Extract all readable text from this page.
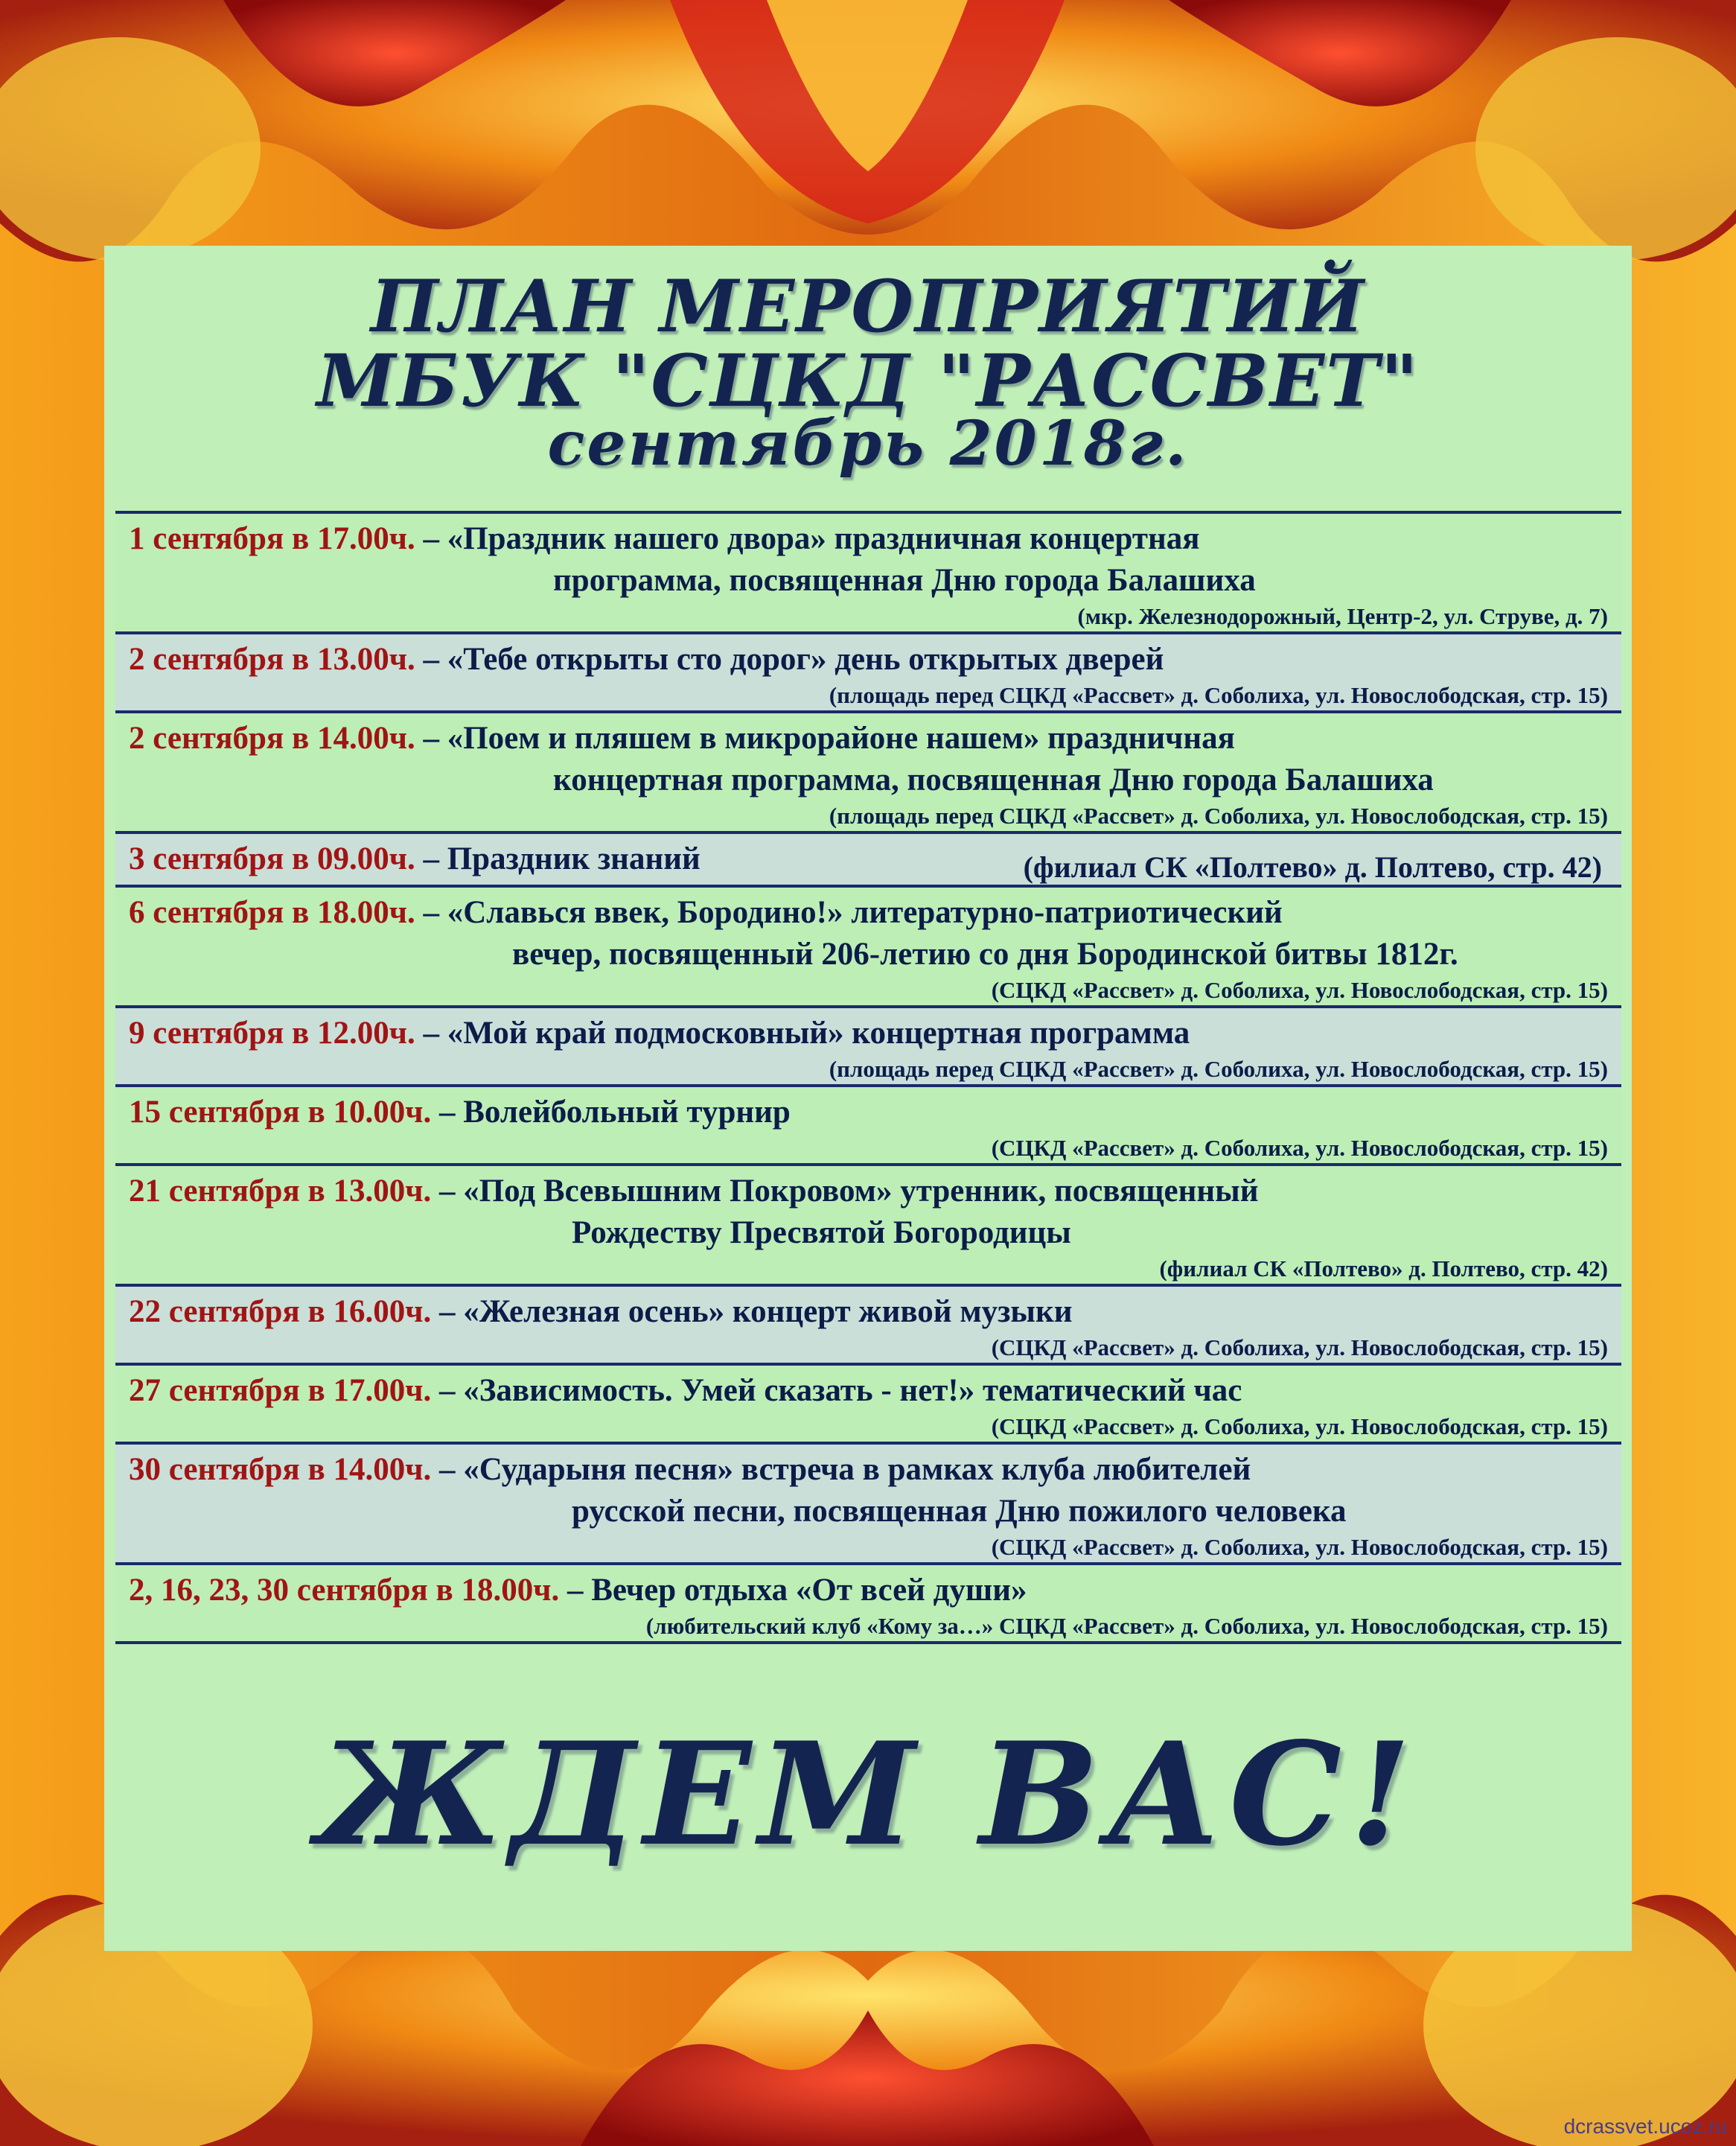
ПЛАН МЕРОПРИЯТИЙ
МБУК "СЦКД "РАССВЕТ"
сентябрь 2018г.
1 сентября в 17.00ч. – «Праздник нашего двора» праздничная концертная
программа, посвященная Дню города Балашиха
(мкр. Железнодорожный, Центр-2, ул. Струве, д. 7)
2 сентября в 13.00ч. – «Тебе открыты сто дорог» день открытых дверей
(площадь перед СЦКД «Рассвет» д. Соболиха, ул. Новослободская, стр. 15)
2 сентября в 14.00ч. – «Поем и пляшем в микрорайоне нашем» праздничная
концертная программа, посвященная Дню города Балашиха
(площадь перед СЦКД «Рассвет» д. Соболиха, ул. Новослободская, стр. 15)
3 сентября в 09.00ч. – Праздник знаний	(филиал СК «Полтево» д. Полтево, стр. 42)
6 сентября в 18.00ч. – «Славься ввек, Бородино!» литературно-патриотический
вечер, посвященный 206-летию со дня Бородинской битвы 1812г.
(СЦКД «Рассвет» д. Соболиха, ул. Новослободская, стр. 15)
9 сентября в 12.00ч. – «Мой край подмосковный» концертная программа
(площадь перед СЦКД «Рассвет» д. Соболиха, ул. Новослободская, стр. 15)
15 сентября в 10.00ч. – Волейбольный турнир
(СЦКД «Рассвет» д. Соболиха, ул. Новослободская, стр. 15)
21 сентября в 13.00ч. – «Под Всевышним Покровом» утренник, посвященный
Рождеству Пресвятой Богородицы
(филиал СК «Полтево» д. Полтево, стр. 42)
22 сентября в 16.00ч. – «Железная осень» концерт живой музыки
(СЦКД «Рассвет» д. Соболиха, ул. Новослободская, стр. 15)
27 сентября в 17.00ч. – «Зависимость. Умей сказать - нет!» тематический час
(СЦКД «Рассвет» д. Соболиха, ул. Новослободская, стр. 15)
30 сентября в 14.00ч. – «Сударыня песня» встреча в рамках клуба любителей
русской песни, посвященная Дню пожилого человека
(СЦКД «Рассвет» д. Соболиха, ул. Новослободская, стр. 15)
2, 16, 23, 30 сентября в 18.00ч. – Вечер отдыха «От всей души»
(любительский клуб «Кому за…» СЦКД «Рассвет» д. Соболиха, ул. Новослободская, стр. 15)
ЖДЕМ ВАС!
dcrassvet.ucoz.ru
